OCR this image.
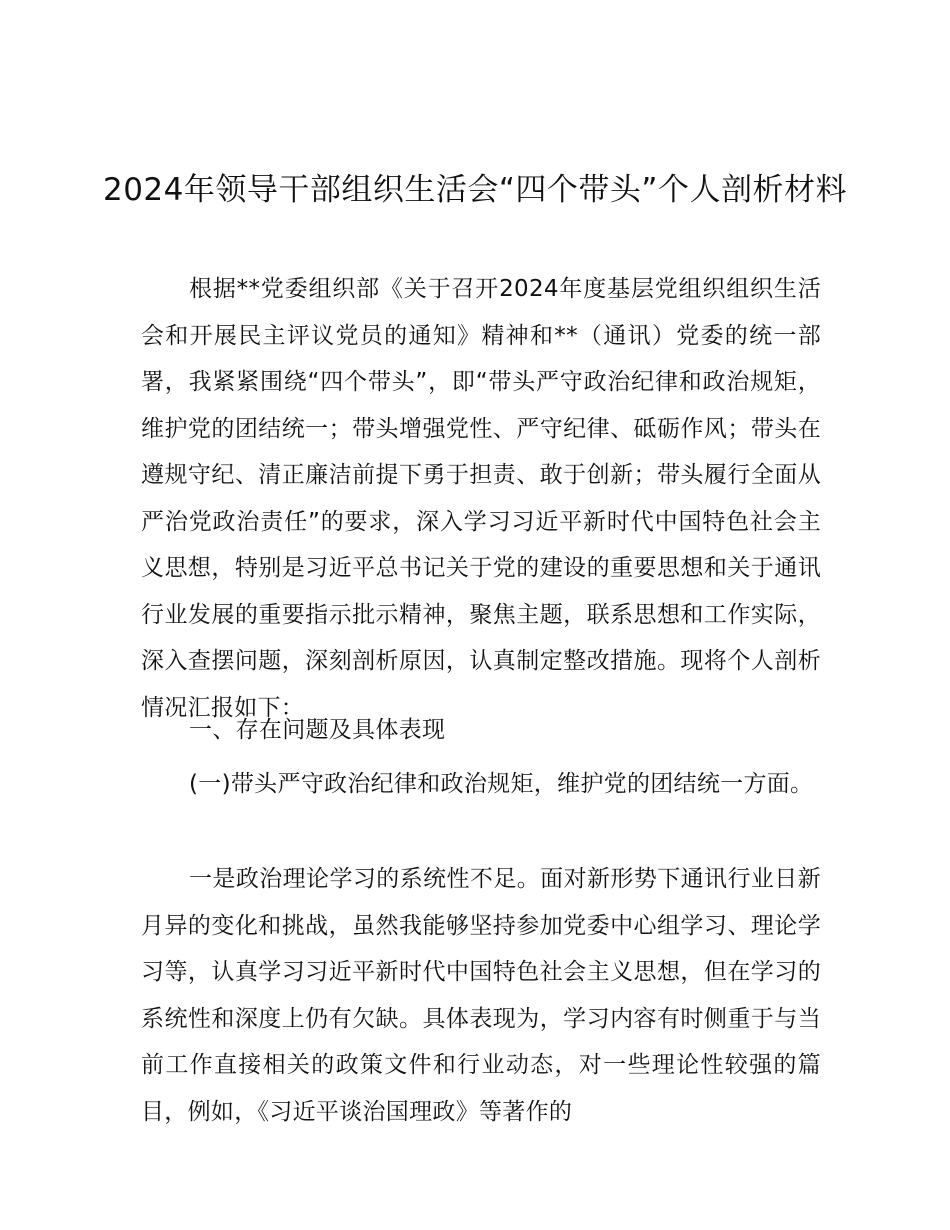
2024年领导干部组织生活会“四个带头”个人剖析材料

根据**党委组织部《关于召开2024年度基层党组织组织生活会和开展民主评议党员的通知》精神和**（通讯）党委的统一部署，我紧紧围绕“四个带头”，即“带头严守政治纪律和政治规矩，维护党的团结统一；带头增强党性、严守纪律、砥砺作风；带头在遵规守纪、清正廉洁前提下勇于担责、敢于创新；带头履行全面从严治党政治责任”的要求，深入学习习近平新时代中国特色社会主义思想，特别是习近平总书记关于党的建设的重要思想和关于通讯行业发展的重要指示批示精神，聚焦主题，联系思想和工作实际，深入查摆问题，深刻剖析原因，认真制定整改措施。现将个人剖析情况汇报如下：

一、存在问题及具体表现

(一)带头严守政治纪律和政治规矩，维护党的团结统一方面。

一是政治理论学习的系统性不足。面对新形势下通讯行业日新月异的变化和挑战，虽然我能够坚持参加党委中心组学习、理论学习等，认真学习习近平新时代中国特色社会主义思想，但在学习的系统性和深度上仍有欠缺。具体表现为，学习内容有时侧重于与当前工作直接相关的政策文件和行业动态，对一些理论性较强的篇目，例如，《习近平谈治国理政》等著作的
